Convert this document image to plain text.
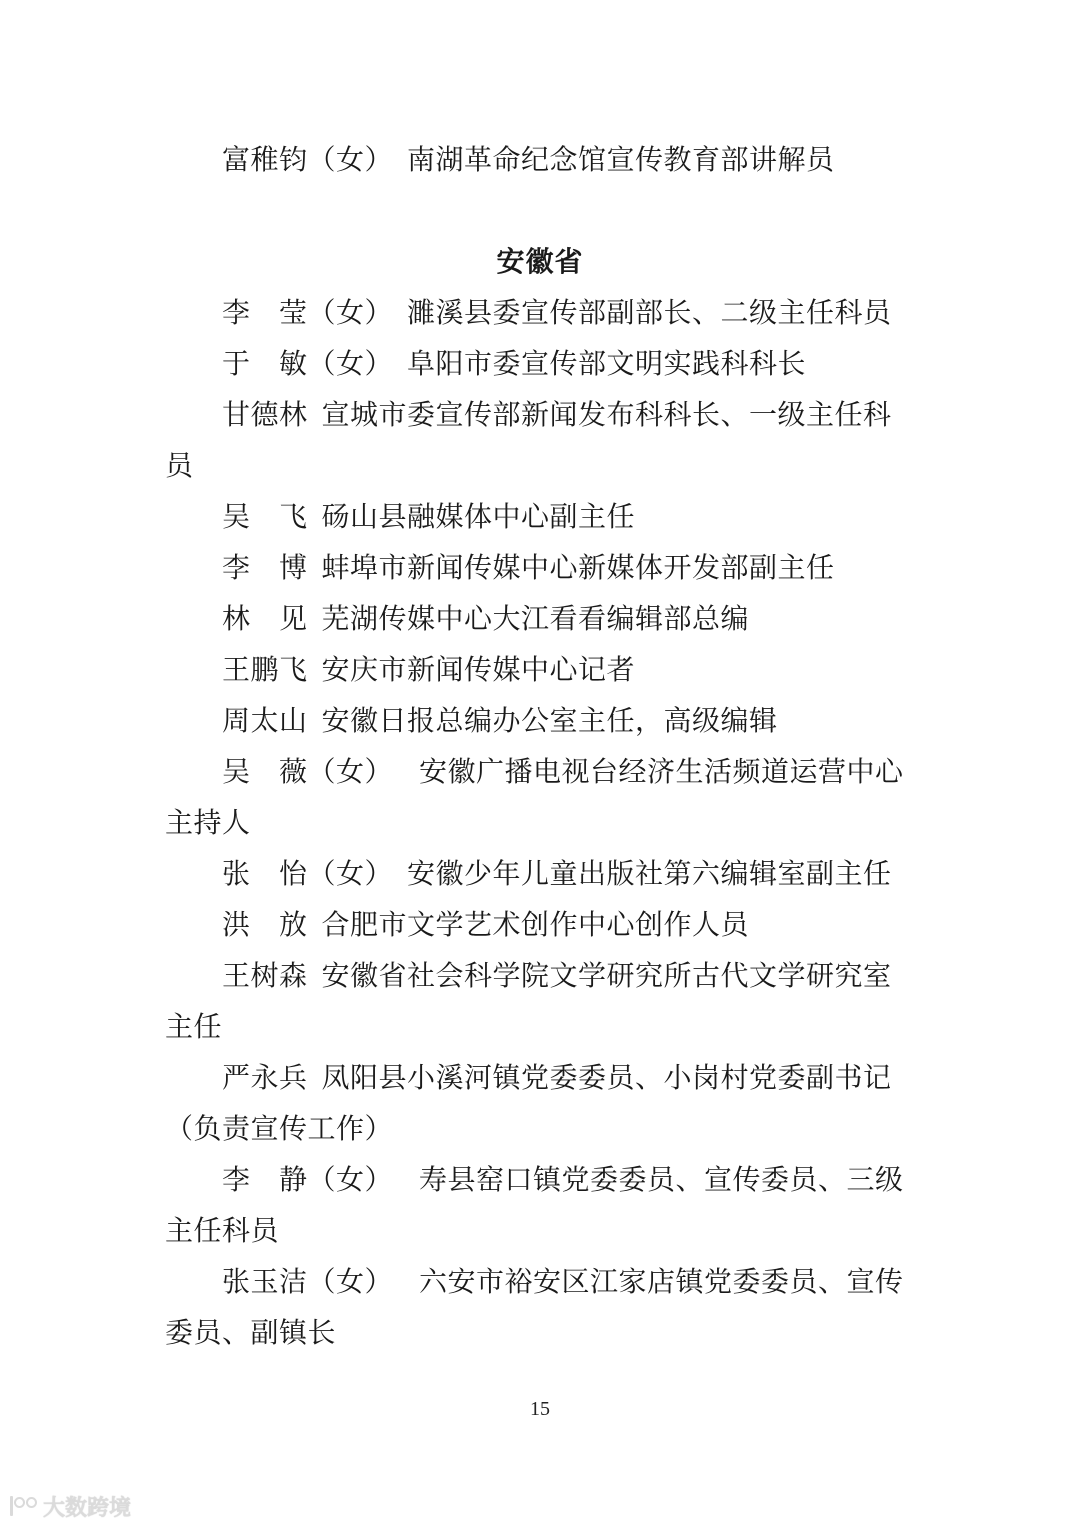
富稚钧（女） 南湖革命纪念馆宣传教育部讲解员
安徽省
李　莹（女） 濉溪县委宣传部副部长、二级主任科员
于　敏（女） 阜阳市委宣传部文明实践科科长
甘德林 宣城市委宣传部新闻发布科科长、一级主任科
员
吴　飞 砀山县融媒体中心副主任
李　博 蚌埠市新闻传媒中心新媒体开发部副主任
林　见 芜湖传媒中心大江看看编辑部总编
王鹏飞 安庆市新闻传媒中心记者
周太山 安徽日报总编办公室主任，高级编辑
吴　薇（女） 安徽广播电视台经济生活频道运营中心
主持人
张　怡（女） 安徽少年儿童出版社第六编辑室副主任
洪　放 合肥市文学艺术创作中心创作人员
王树森 安徽省社会科学院文学研究所古代文学研究室
主任
严永兵 凤阳县小溪河镇党委委员、小岗村党委副书记
（负责宣传工作）
李　静（女） 寿县窑口镇党委委员、宣传委员、三级
主任科员
张玉洁（女） 六安市裕安区江家店镇党委委员、宣传
委员、副镇长
15
大数跨境
